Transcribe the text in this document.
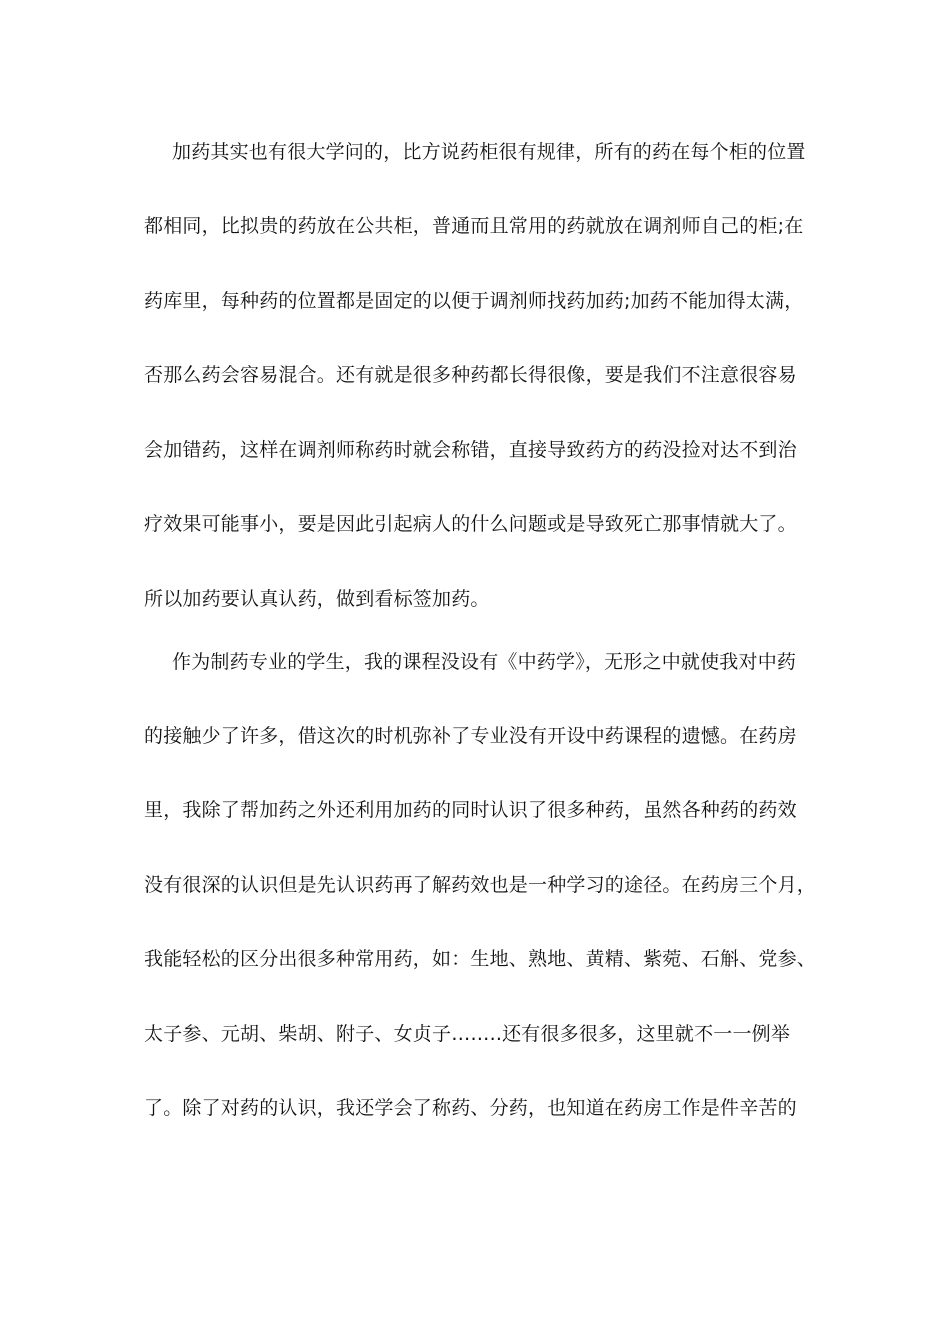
加药其实也有很大学问的，比方说药柜很有规律，所有的药在每个柜的位置
都相同，比拟贵的药放在公共柜，普通而且常用的药就放在调剂师自己的柜;在
药库里，每种药的位置都是固定的以便于调剂师找药加药;加药不能加得太满，
否那么药会容易混合。还有就是很多种药都长得很像，要是我们不注意很容易
会加错药，这样在调剂师称药时就会称错，直接导致药方的药没捡对达不到治
疗效果可能事小，要是因此引起病人的什么问题或是导致死亡那事情就大了。
所以加药要认真认药，做到看标签加药。
作为制药专业的学生，我的课程没设有《中药学》，无形之中就使我对中药
的接触少了许多，借这次的时机弥补了专业没有开设中药课程的遗憾。在药房
里，我除了帮加药之外还利用加药的同时认识了很多种药，虽然各种药的药效
没有很深的认识但是先认识药再了解药效也是一种学习的途径。在药房三个月，
我能轻松的区分出很多种常用药，如：生地、熟地、黄精、紫菀、石斛、党参、
太子参、元胡、柴胡、附子、女贞子……..还有很多很多，这里就不一一例举
了。除了对药的认识，我还学会了称药、分药，也知道在药房工作是件辛苦的
